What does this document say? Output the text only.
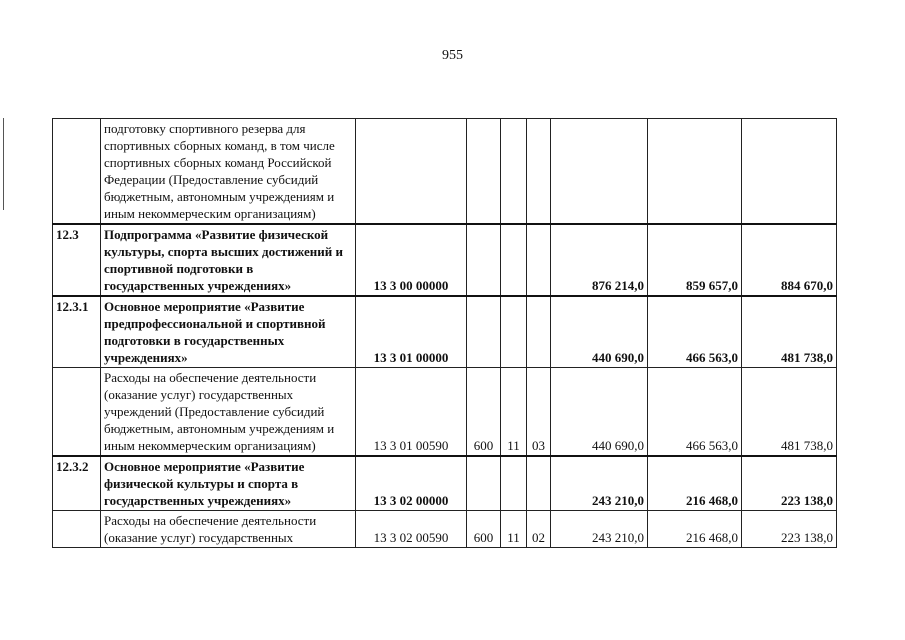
955
	подготовку спортивного резерва для спортивных сборных команд, в том числе спортивных сборных команд Российской Федерации (Предоставление субсидий бюджетным, автономным учреждениям и иным некоммерческим организациям)							
12.3	Подпрограмма «Развитие физической культуры, спорта высших достижений и спортивной подготовки в государственных учреждениях»	13 3 00 00000				876 214,0	859 657,0	884 670,0
12.3.1	Основное мероприятие «Развитие предпрофессиональной и спортивной подготовки в государственных учреждениях»	13 3 01 00000				440 690,0	466 563,0	481 738,0
	Расходы на обеспечение деятельности (оказание услуг) государственных учреждений (Предоставление субсидий бюджетным, автономным учреждениям и иным некоммерческим организациям)	13 3 01 00590	600	11	03	440 690,0	466 563,0	481 738,0
12.3.2	Основное мероприятие «Развитие физической культуры и спорта в государственных учреждениях»	13 3 02 00000				243 210,0	216 468,0	223 138,0
	Расходы на обеспечение деятельности (оказание услуг) государственных	13 3 02 00590	600	11	02	243 210,0	216 468,0	223 138,0
